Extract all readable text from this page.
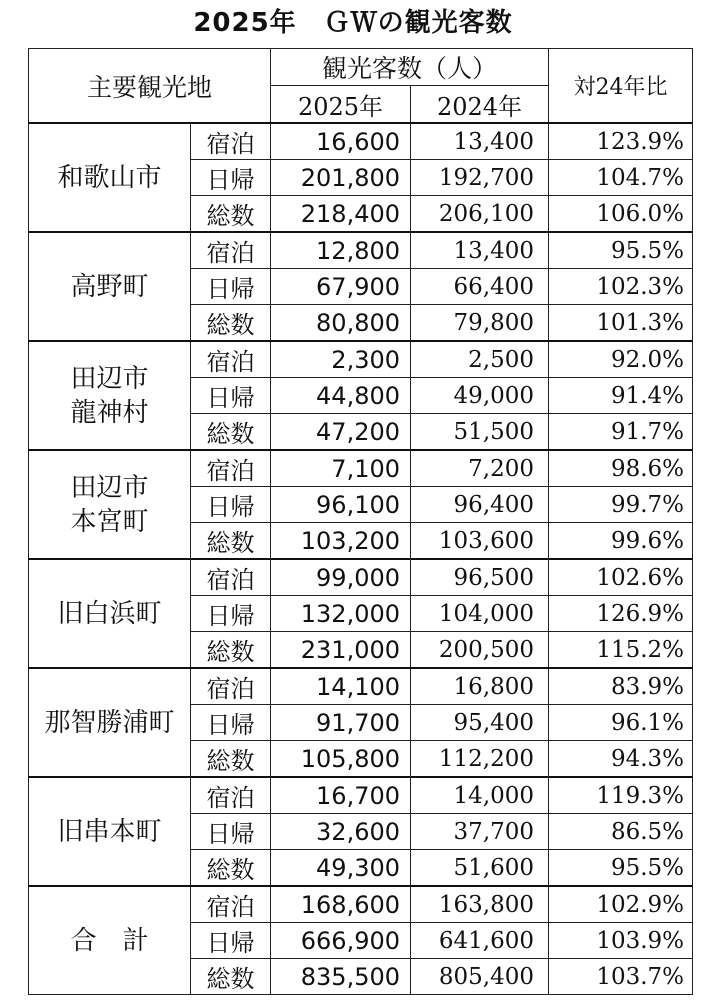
2025年　ＧＷの観光客数
主要観光地		観光客数（人）		対24年比
		2025年	2024年	

和歌山市	宿泊	16,600	13,400	123.9%
	日帰	201,800	192,700	104.7%
	総数	218,400	206,100	106.0%

高野町	宿泊	12,800	13,400	95.5%
	日帰	67,900	66,400	102.3%
	総数	80,800	79,800	101.3%

田辺市
龍神村	宿泊	2,300	2,500	92.0%
	日帰	44,800	49,000	91.4%
	総数	47,200	51,500	91.7%

田辺市
本宮町	宿泊	7,100	7,200	98.6%
	日帰	96,100	96,400	99.7%
	総数	103,200	103,600	99.6%

旧白浜町	宿泊	99,000	96,500	102.6%
	日帰	132,000	104,000	126.9%
	総数	231,000	200,500	115.2%

那智勝浦町	宿泊	14,100	16,800	83.9%
	日帰	91,700	95,400	96.1%
	総数	105,800	112,200	94.3%

旧串本町	宿泊	16,700	14,000	119.3%
	日帰	32,600	37,700	86.5%
	総数	49,300	51,600	95.5%

合　計	宿泊	168,600	163,800	102.9%
	日帰	666,900	641,600	103.9%
	総数	835,500	805,400	103.7%
